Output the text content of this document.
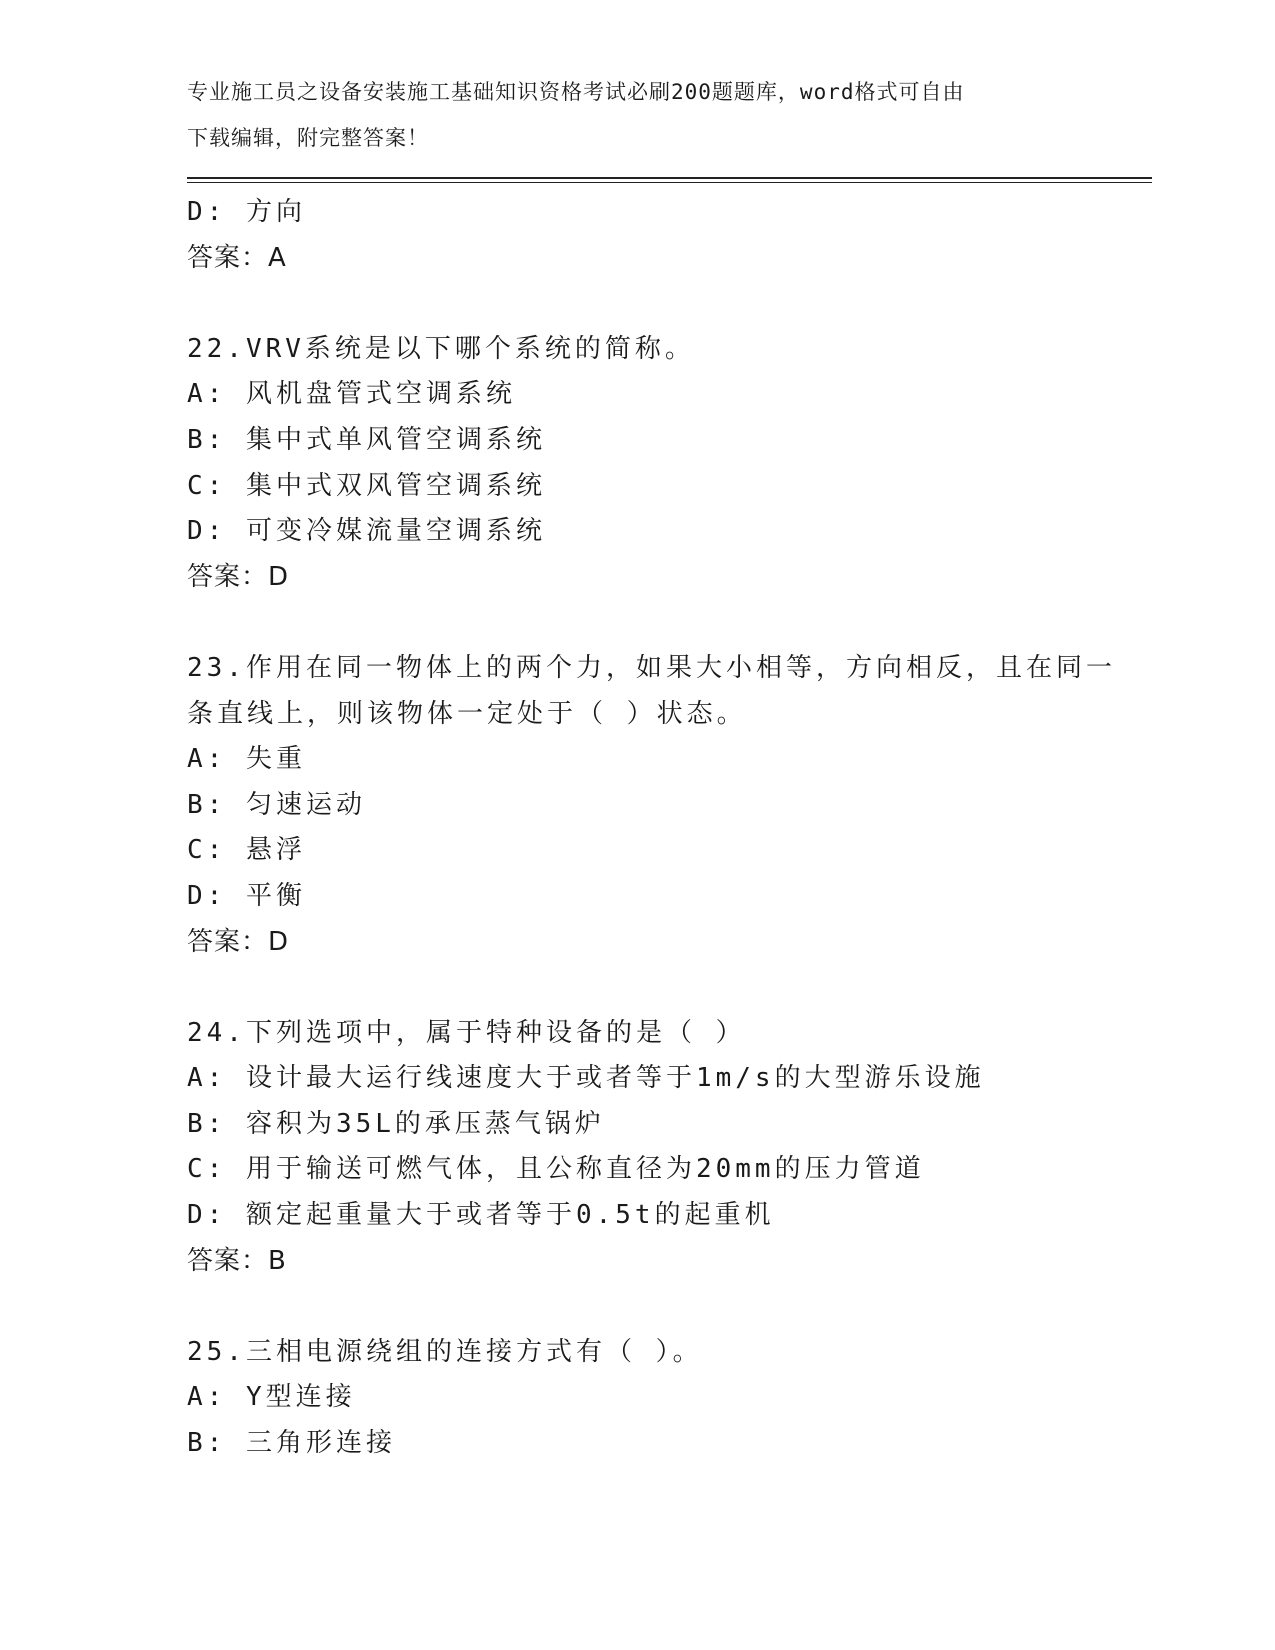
专业施工员之设备安装施工基础知识资格考试必刷200题题库，word格式可自由
下载编辑，附完整答案！
D: 方向
答案：A
22.VRV系统是以下哪个系统的简称。
A: 风机盘管式空调系统
B: 集中式单风管空调系统
C: 集中式双风管空调系统
D: 可变冷媒流量空调系统
答案：D
23.作用在同一物体上的两个力，如果大小相等，方向相反，且在同一
条直线上，则该物体一定处于（ ）状态。
A: 失重
B: 匀速运动
C: 悬浮
D: 平衡
答案：D
24.下列选项中，属于特种设备的是（ ）
A: 设计最大运行线速度大于或者等于1m/s的大型游乐设施
B: 容积为35L的承压蒸气锅炉
C: 用于输送可燃气体，且公称直径为20mm的压力管道
D: 额定起重量大于或者等于0.5t的起重机
答案：B
25.三相电源绕组的连接方式有（ ）。
A: Y型连接
B: 三角形连接
